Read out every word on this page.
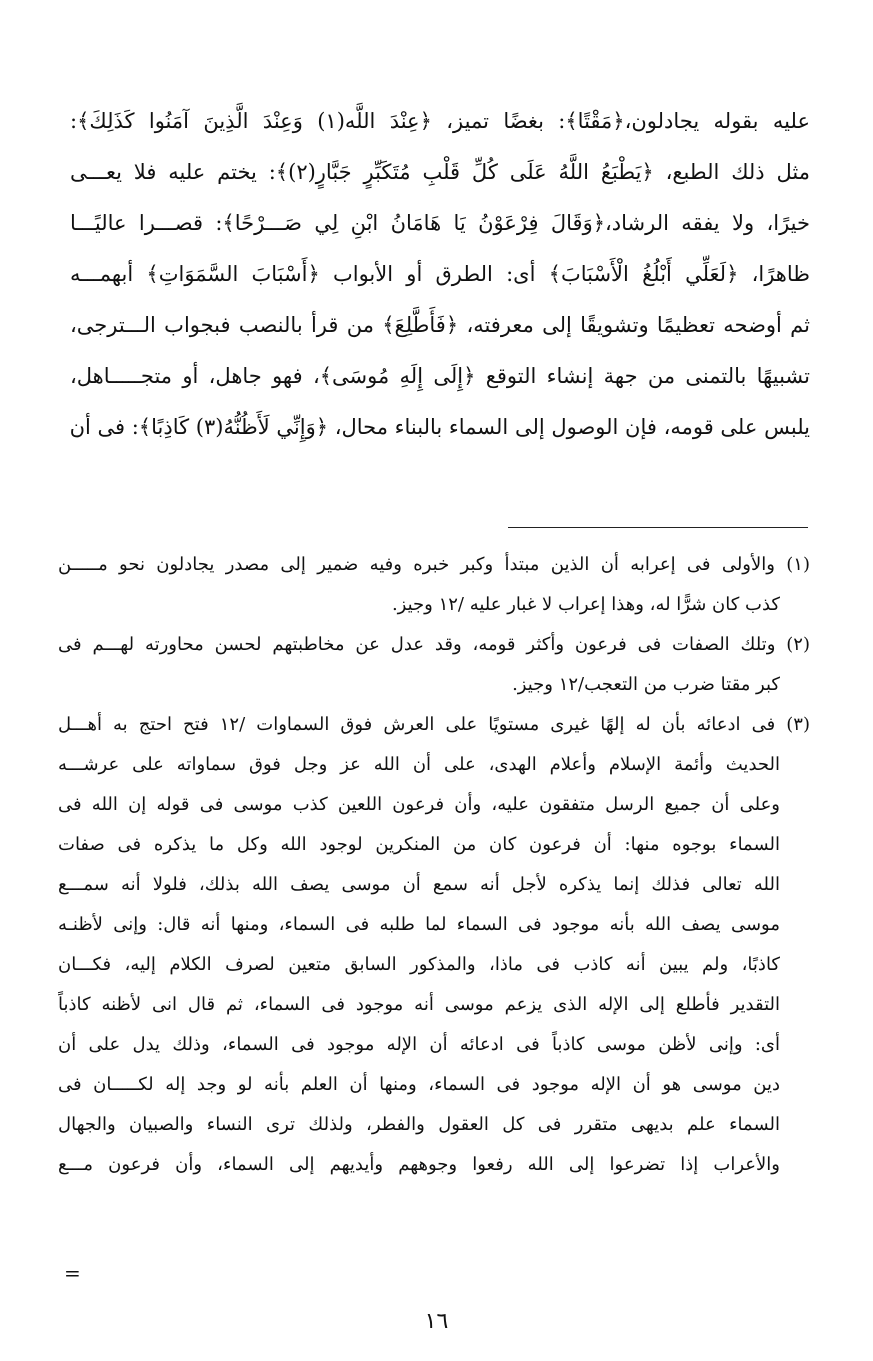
عليه بقوله يجادلون،﴿مَقْتًا﴾: بغضًا تميز، ﴿عِنْدَ اللَّه(١) وَعِنْدَ الَّذِينَ آمَنُوا كَذَلِكَ﴾:
مثل ذلك الطبع، ﴿يَطْبَعُ اللَّهُ عَلَى كُلِّ قَلْبِ مُتَكَبِّرٍ جَبَّارٍ(٢)﴾: يختم عليه فلا يعـــى
خيرًا، ولا يفقه الرشاد،﴿وَقَالَ فِرْعَوْنُ يَا هَامَانُ ابْنِ لِي صَـــرْحًا﴾: قصـــرا عاليًـــا
ظاهرًا، ﴿لَعَلِّي أَبْلُغُ الْأَسْبَابَ﴾ أى: الطرق أو الأبواب ﴿أَسْبَابَ السَّمَوَاتِ﴾ أبهمـــه
ثم أوضحه تعظيمًا وتشويقًا إلى معرفته، ﴿فَأَطَّلِعَ﴾ من قرأ بالنصب فبجواب الـــترجى،
تشبيهًا بالتمنى من جهة إنشاء التوقع ﴿إِلَى إِلَهِ مُوسَى﴾، فهو جاهل، أو متجـــــاهل،
يلبس على قومه، فإن الوصول إلى السماء بالبناء محال، ﴿وَإِنِّي لَأَظُنُّهُ(٣) كَاذِبًا﴾: فى أن
(١) والأولى فى إعرابه أن الذين مبتدأ وكبر خبره وفيه ضمير إلى مصدر يجادلون نحو مـــــن
كذب كان شرًّا له، وهذا إعراب لا غبار عليه /١٢ وجيز.
(٢) وتلك الصفات فى فرعون وأكثر قومه، وقد عدل عن مخاطبتهم لحسن محاورته لهـــم فى
كبر مقتا ضرب من التعجب/١٢ وجيز.
(٣) فى ادعائه بأن له إلهًا غيرى مستويًا على العرش فوق السماوات /١٢ فتح احتج به أهـــل
الحديث وأئمة الإسلام وأعلام الهدى، على أن الله عز وجل فوق سماواته على عرشـــه
وعلى أن جميع الرسل متفقون عليه، وأن فرعون اللعين كذب موسى فى قوله إن الله فى
السماء بوجوه منها: أن فرعون كان من المنكرين لوجود الله وكل ما يذكره فى صفات
الله تعالى فذلك إنما يذكره لأجل أنه سمع أن موسى يصف الله بذلك، فلولا أنه سمـــع
موسى يصف الله بأنه موجود فى السماء لما طلبه فى السماء، ومنها أنه قال: وإنى لأظنـه
كاذبًا، ولم يبين أنه كاذب فى ماذا، والمذكور السابق متعين لصرف الكلام إليه، فكـــان
التقدير فأطلع إلى الإله الذى يزعم موسى أنه موجود فى السماء، ثم قال انى لأظنه كاذباً
أى: وإنى لأظن موسى كاذباً فى ادعائه أن الإله موجود فى السماء، وذلك يدل على أن
دين موسى هو أن الإله موجود فى السماء، ومنها أن العلم بأنه لو وجد إله لكـــــان فى
السماء علم بديهى متقرر فى كل العقول والفطر، ولذلك ترى النساء والصبيان والجهال
والأعراب إذا تضرعوا إلى الله رفعوا وجوههم وأيديهم إلى السماء، وأن فرعون مـــع
=
١٦
